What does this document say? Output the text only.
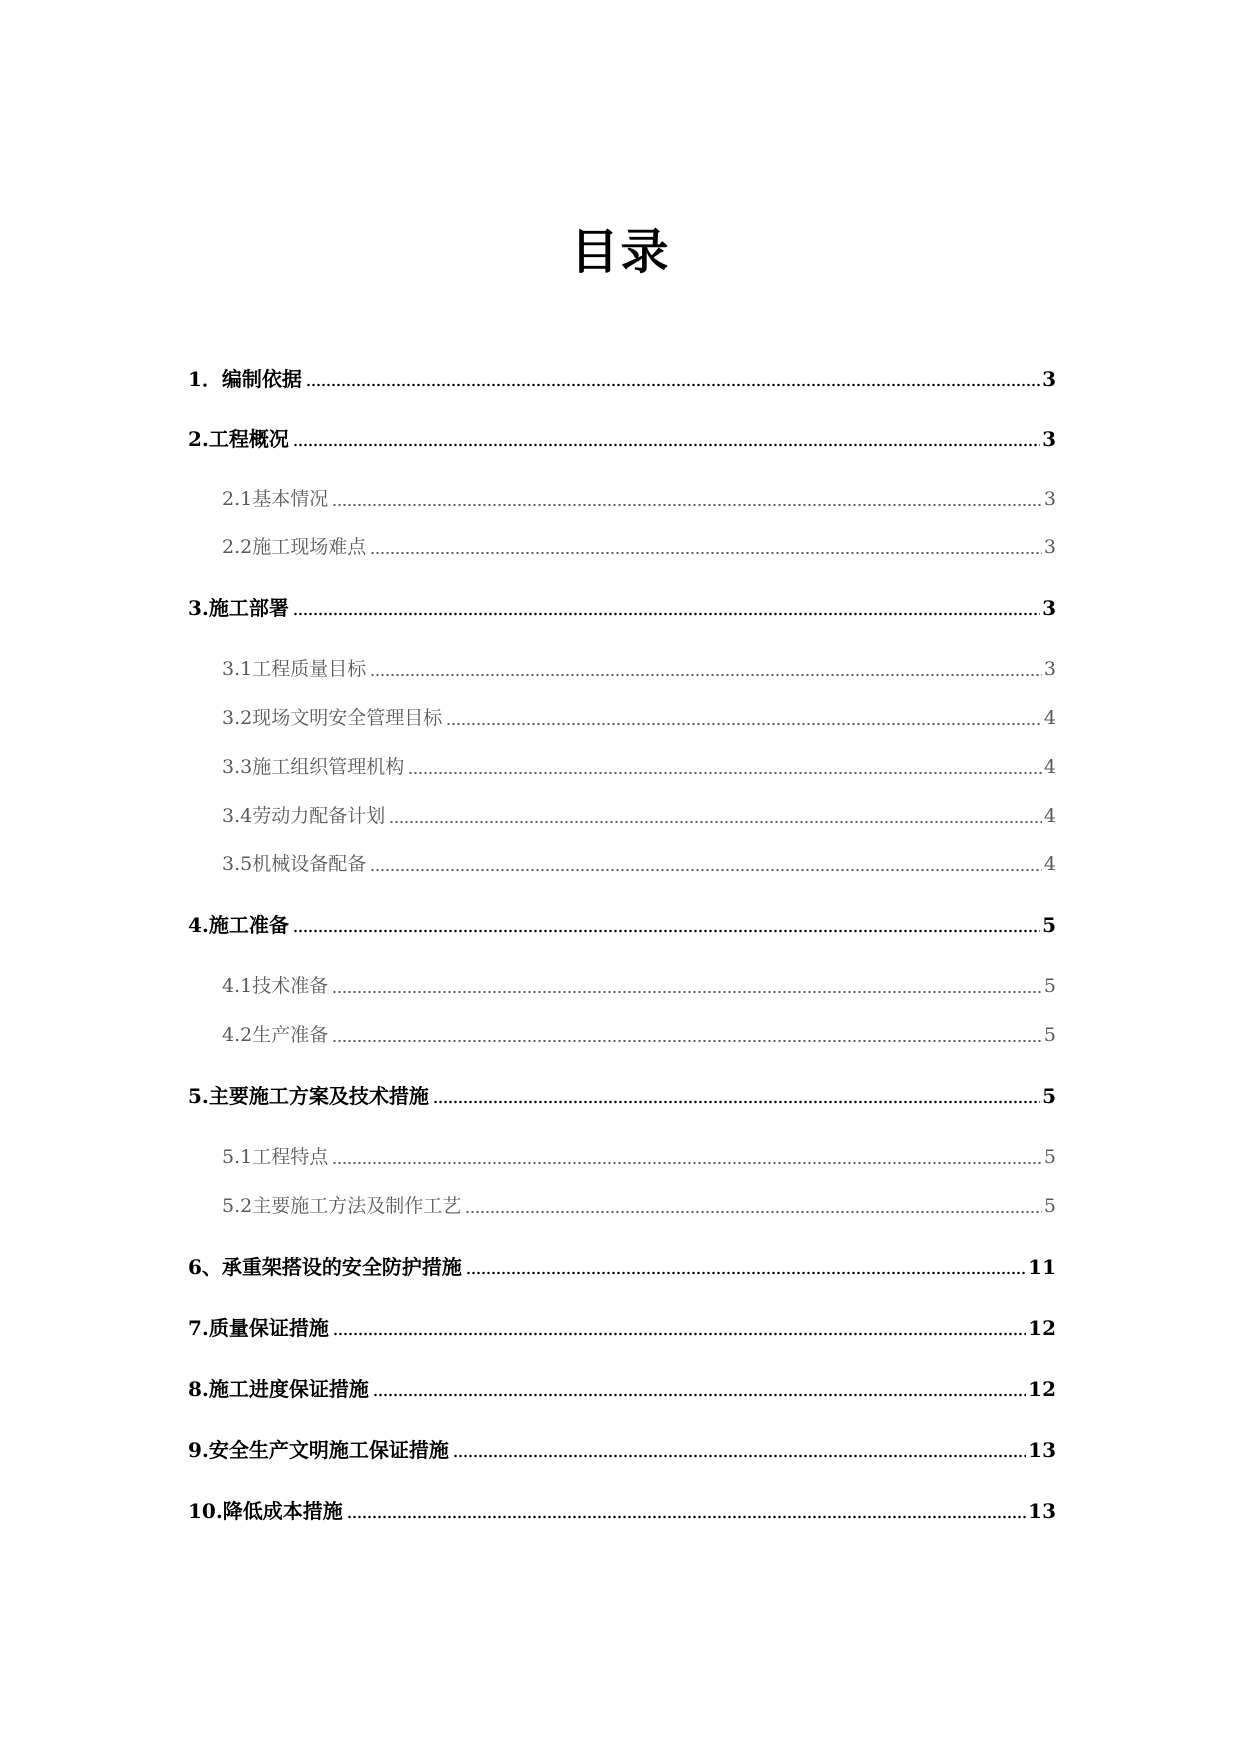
目录
1．编制依据	3
2.工程概况	3
2.1基本情况	3
2.2施工现场难点	3
3.施工部署	3
3.1工程质量目标	3
3.2现场文明安全管理目标	4
3.3施工组织管理机构	4
3.4劳动力配备计划	4
3.5机械设备配备	4
4.施工准备	5
4.1技术准备	5
4.2生产准备	5
5.主要施工方案及技术措施	5
5.1工程特点	5
5.2主要施工方法及制作工艺	5
6、承重架搭设的安全防护措施	11
7.质量保证措施	12
8.施工进度保证措施	12
9.安全生产文明施工保证措施	13
10.降低成本措施	13
